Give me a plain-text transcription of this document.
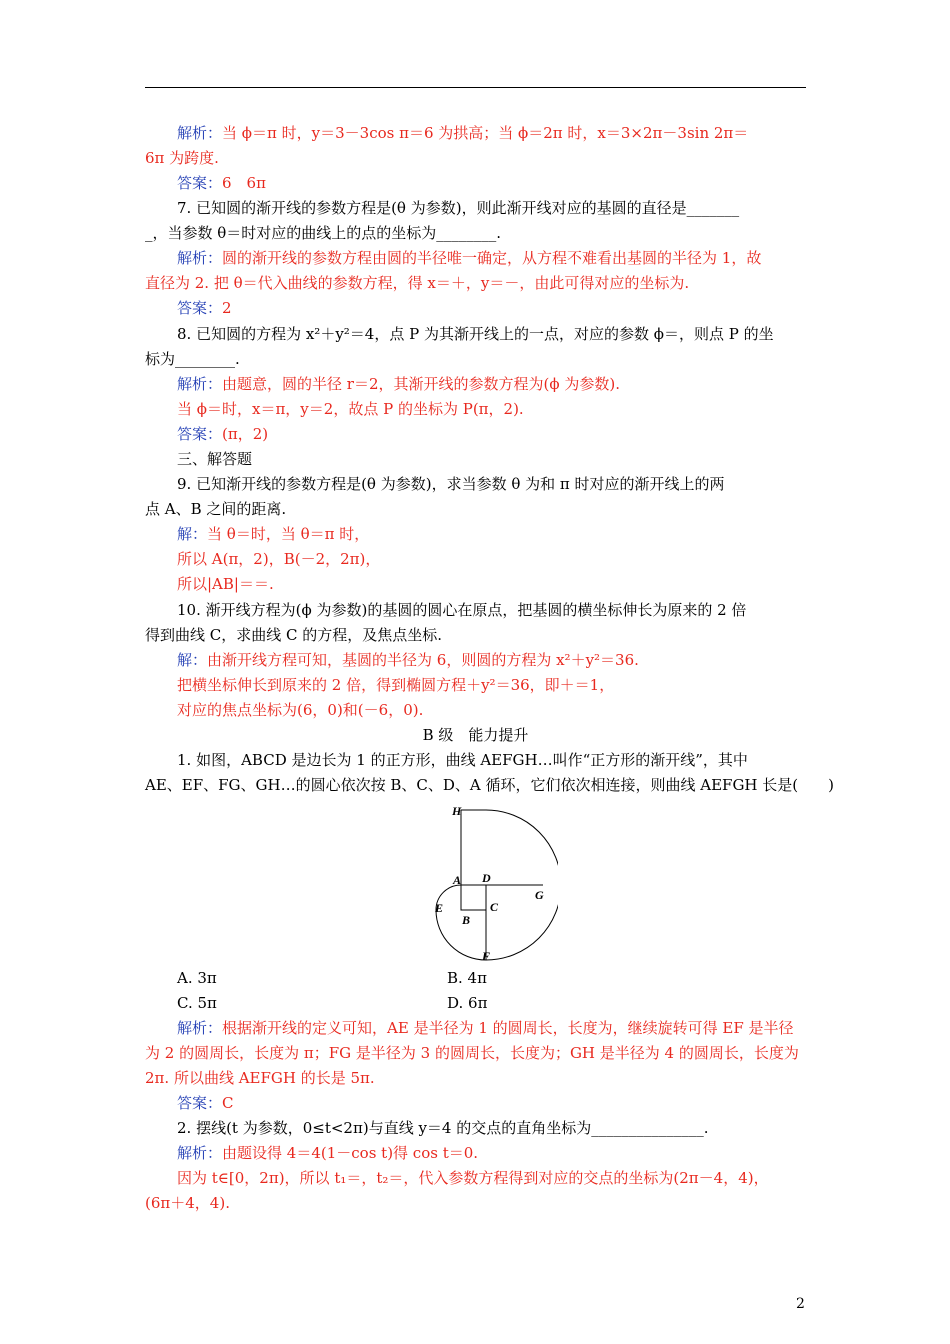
解析：当 ϕ＝π 时，y＝3－3cos π＝6 为拱高；当 ϕ＝2π 时，x＝3×2π－3sin 2π＝
6π 为跨度.
答案：6　6π
7. 已知圆的渐开线的参数方程是(θ 为参数)，则此渐开线对应的基圆的直径是_______
_，当参数 θ＝时对应的曲线上的点的坐标为________.
解析：圆的渐开线的参数方程由圆的半径唯一确定，从方程不难看出基圆的半径为 1，故
直径为 2. 把 θ＝代入曲线的参数方程，得 x＝＋，y＝－，由此可得对应的坐标为.
答案：2
8. 已知圆的方程为 x²＋y²＝4，点 P 为其渐开线上的一点，对应的参数 ϕ＝，则点 P 的坐
标为________.
解析：由题意，圆的半径 r＝2，其渐开线的参数方程为(ϕ 为参数).
当 ϕ＝时，x＝π，y＝2，故点 P 的坐标为 P(π，2).
答案：(π，2)
三、解答题
9. 已知渐开线的参数方程是(θ 为参数)，求当参数 θ 为和 π 时对应的渐开线上的两
点 A、B 之间的距离.
解：当 θ＝时，当 θ＝π 时，
所以 A(π，2)，B(－2，2π)，
所以|AB|＝＝.
10. 渐开线方程为(ϕ 为参数)的基圆的圆心在原点，把基圆的横坐标伸长为原来的 2 倍
得到曲线 C，求曲线 C 的方程，及焦点坐标.
解：由渐开线方程可知，基圆的半径为 6，则圆的方程为 x²＋y²＝36.
把横坐标伸长到原来的 2 倍，得到椭圆方程＋y²＝36，即＋＝1，
对应的焦点坐标为(6，0)和(－6，0).
B 级　能力提升
1. 如图，ABCD 是边长为 1 的正方形，曲线 AEFGH…叫作“正方形的渐开线”，其中
AE、EF、FG、GH…的圆心依次按 B、C、D、A 循环，它们依次相连接，则曲线 AEFGH 长是(　　)
H
A D
G
E
B
C
F
A. 3π	B. 4π
C. 5π	D. 6π
解析：根据渐开线的定义可知，AE 是半径为 1 的圆周长，长度为，继续旋转可得 EF 是半径
为 2 的圆周长，长度为 π；FG 是半径为 3 的圆周长，长度为；GH 是半径为 4 的圆周长，长度为
2π. 所以曲线 AEFGH 的长是 5π.
答案：C
2. 摆线(t 为参数，0≤t<2π)与直线 y＝4 的交点的直角坐标为_______________.
解析：由题设得 4＝4(1－cos t)得 cos t＝0.
因为 t∈[0，2π)，所以 t₁＝，t₂＝，代入参数方程得到对应的交点的坐标为(2π－4，4)，
(6π＋4，4).
2
